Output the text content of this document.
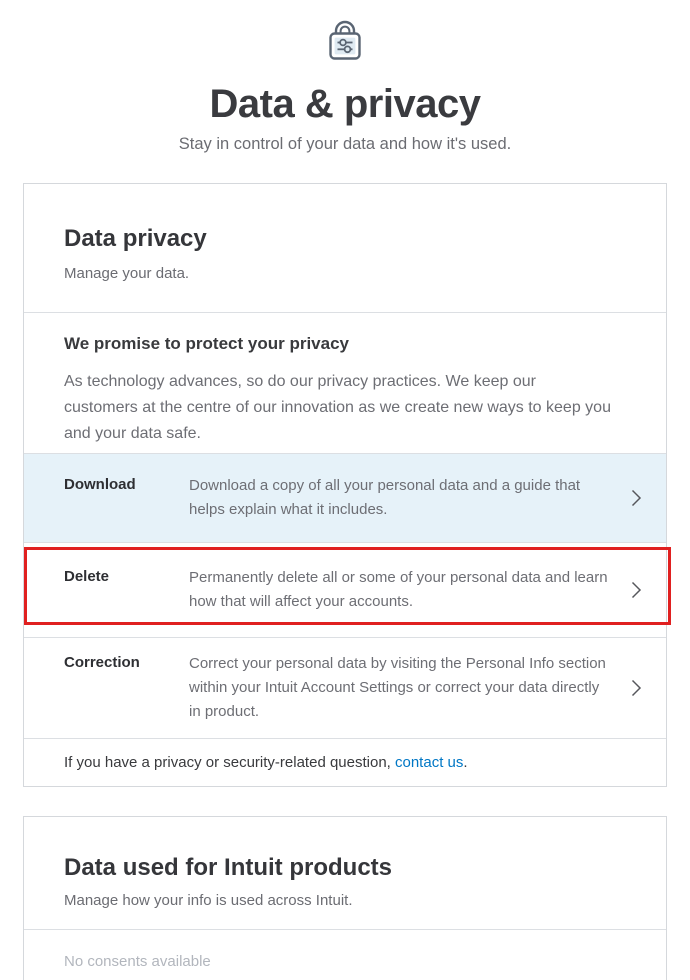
Data & privacy
Stay in control of your data and how it's used.
Data privacy
Manage your data.
We promise to protect your privacy
As technology advances, so do our privacy practices. We keep our customers at the centre of our innovation as we create new ways to keep you and your data safe.
Download	Download a copy of all your personal data and a guide that helps explain what it includes.
Delete	Permanently delete all or some of your personal data and learn how that will affect your accounts.
Correction	Correct your personal data by visiting the Personal Info section within your Intuit Account Settings or correct your data directly in product.
If you have a privacy or security-related question, contact us.
Data used for Intuit products
Manage how your info is used across Intuit.
No consents available
